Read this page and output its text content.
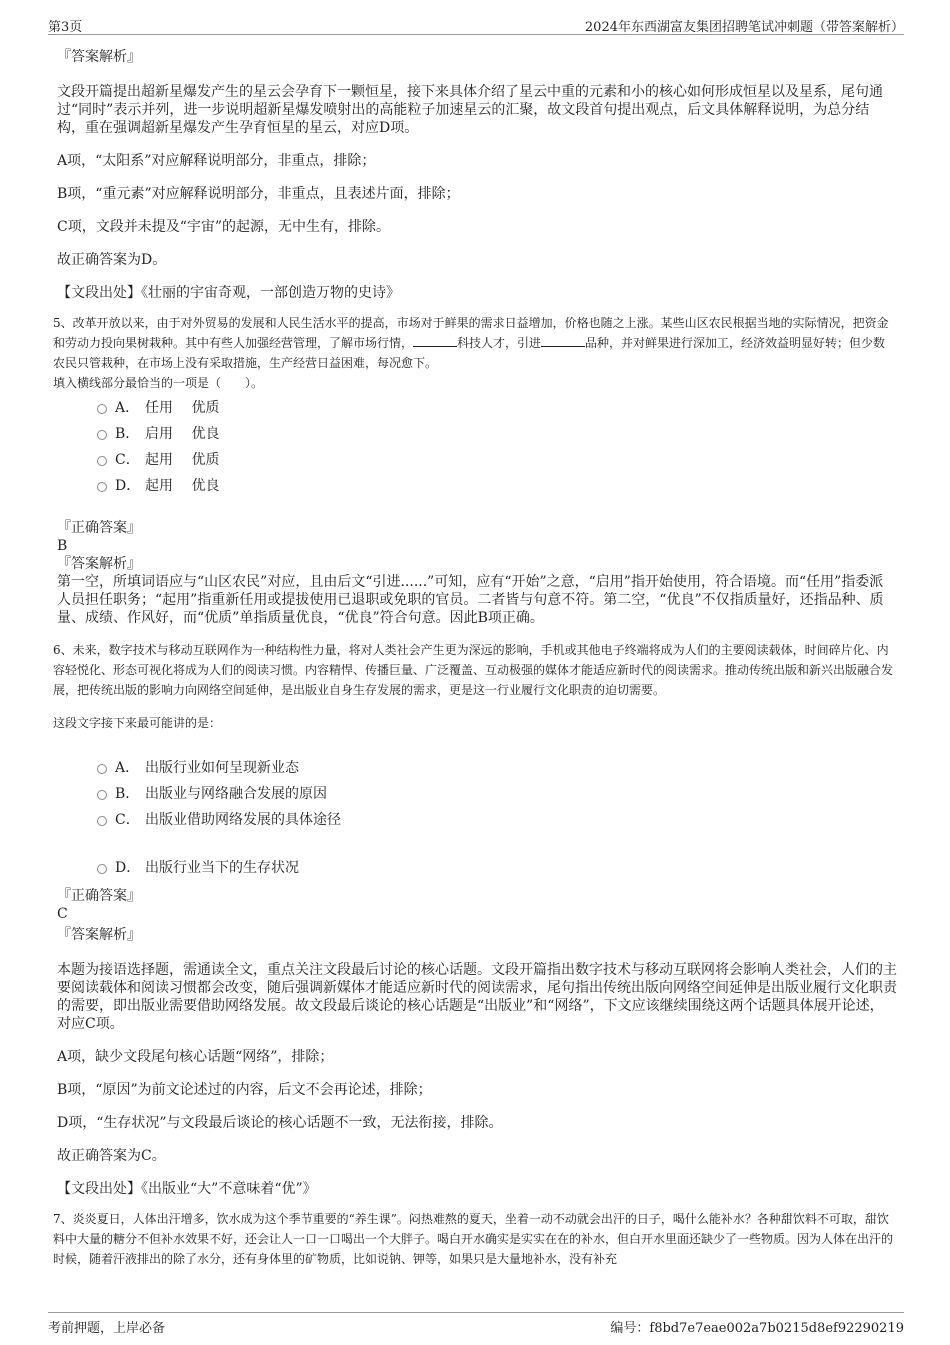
第3页	2024年东西湖富友集团招聘笔试冲刺题（带答案解析）

『答案解析』

文段开篇提出超新星爆发产生的星云会孕育下一颗恒星，接下来具体介绍了星云中重的元素和小的核心如何形成恒星以及星系，尾句通过“同时”表示并列，进一步说明超新星爆发喷射出的高能粒子加速星云的汇聚，故文段首句提出观点，后文具体解释说明，为总分结构，重在强调超新星爆发产生孕育恒星的星云，对应D项。

A项，“太阳系”对应解释说明部分，非重点，排除；

B项，“重元素”对应解释说明部分，非重点，且表述片面，排除；

C项，文段并未提及“宇宙”的起源，无中生有，排除。

故正确答案为D。

【文段出处】《壮丽的宇宙奇观，一部创造万物的史诗》

5、改革开放以来，由于对外贸易的发展和人民生活水平的提高，市场对于鲜果的需求日益增加，价格也随之上涨。某些山区农民根据当地的实际情况，把资金和劳动力投向果树栽种。其中有些人加强经营管理，了解市场行情，	科技人才，引进	品种，并对鲜果进行深加工，经济效益明显好转；但少数农民只管栽种，在市场上没有采取措施，生产经营日益困难，每况愈下。

填入横线部分最恰当的一项是（　　）。

A． 任用　 优质
B． 启用　 优良
C． 起用　 优质
D． 起用　 优良

『正确答案』

B

『答案解析』

第一空，所填词语应与“山区农民”对应，且由后文“引进......”可知，应有“开始”之意，“启用”指开始使用，符合语境。而“任用”指委派人员担任职务；“起用”指重新任用或提拔使用已退职或免职的官员。二者皆与句意不符。第二空，“优良”不仅指质量好，还指品种、质量、成绩、作风好，而“优质”单指质量优良，“优良”符合句意。因此B项正确。

6、未来，数字技术与移动互联网作为一种结构性力量，将对人类社会产生更为深远的影响，手机或其他电子终端将成为人们的主要阅读载体，时间碎片化、内容轻悦化、形态可视化将成为人们的阅读习惯。内容精悍、传播巨量、广泛覆盖、互动极强的媒体才能适应新时代的阅读需求。推动传统出版和新兴出版融合发展，把传统出版的影响力向网络空间延伸，是出版业自身生存发展的需求，更是这一行业履行文化职责的迫切需要。

这段文字接下来最可能讲的是：

A． 出版行业如何呈现新业态
B． 出版业与网络融合发展的原因
C． 出版业借助网络发展的具体途径
D． 出版行业当下的生存状况

『正确答案』

C

『答案解析』

本题为接语选择题，需通读全文，重点关注文段最后讨论的核心话题。文段开篇指出数字技术与移动互联网将会影响人类社会，人们的主要阅读载体和阅读习惯都会改变，随后强调新媒体才能适应新时代的阅读需求，尾句指出传统出版向网络空间延伸是出版业履行文化职责的需要，即出版业需要借助网络发展。故文段最后谈论的核心话题是“出版业”和“网络”，下文应该继续围绕这两个话题具体展开论述，对应C项。

A项，缺少文段尾句核心话题“网络”，排除；

B项，“原因”为前文论述过的内容，后文不会再论述，排除；

D项，“生存状况”与文段最后谈论的核心话题不一致，无法衔接，排除。

故正确答案为C。

【文段出处】《出版业“大”不意味着“优”》

7、炎炎夏日，人体出汗增多，饮水成为这个季节重要的“养生课”。闷热难熬的夏天，坐着一动不动就会出汗的日子，喝什么能补水？各种甜饮料不可取，甜饮料中大量的糖分不但补水效果不好，还会让人一口一口喝出一个大胖子。喝白开水确实是实实在在的补水，但白开水里面还缺少了一些物质。因为人体在出汗的时候，随着汗液排出的除了水分，还有身体里的矿物质，比如说钠、钾等，如果只是大量地补水，没有补充

考前押题，上岸必备	编号：f8bd7e7eae002a7b0215d8ef92290219
